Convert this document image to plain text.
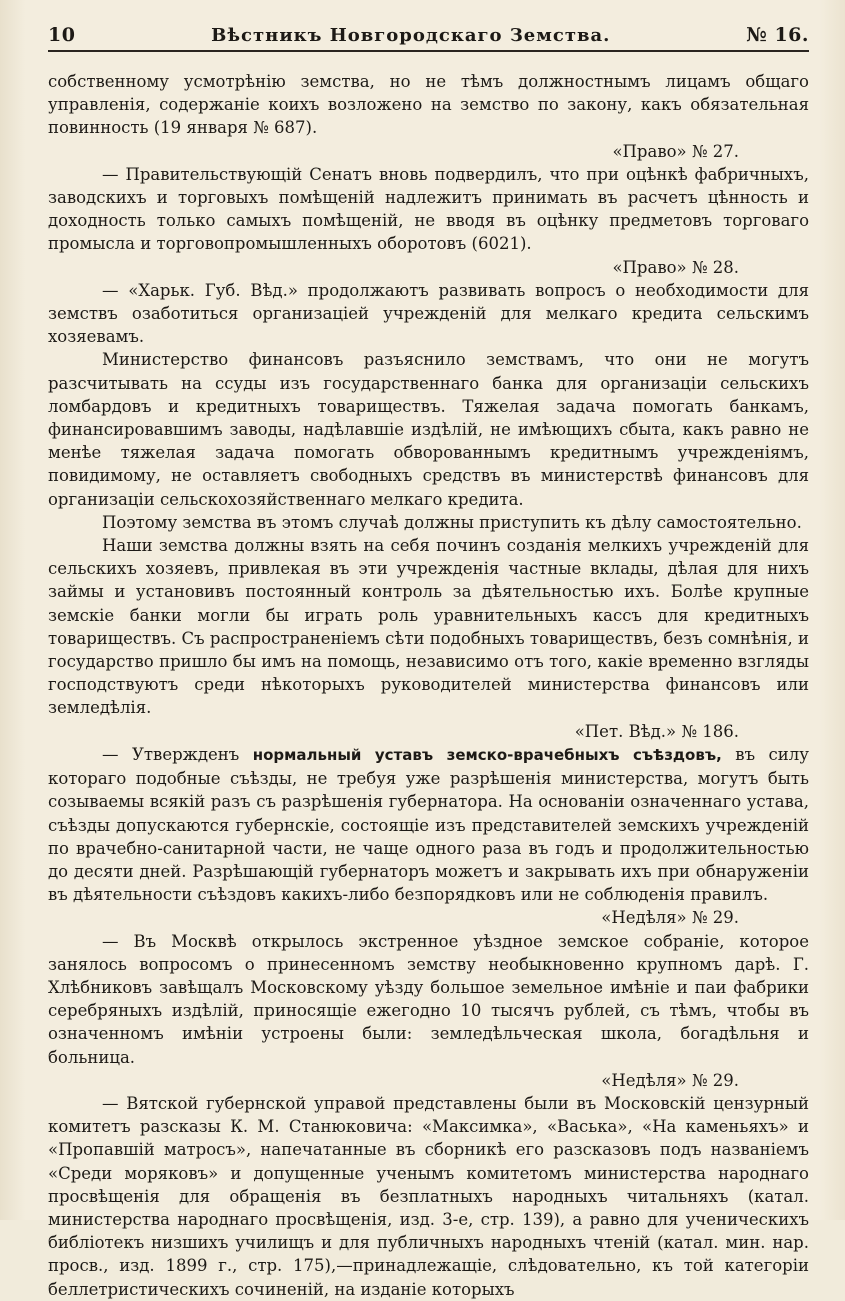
10	Вѣстникъ Новгородскаго Земства.	№ 16.

собственному усмотрѣнію земства, но не тѣмъ должностнымъ лицамъ общаго управленія, содержаніе коихъ возложено на земство по закону, какъ обязательная повинность (19 января № 687).

«Право» № 27.

— Правительствующій Сенатъ вновь подвердилъ, что при оцѣнкѣ фабричныхъ, заводскихъ и торговыхъ помѣщеній надлежитъ принимать въ расчетъ цѣнность и доходность только самыхъ помѣщеній, не вводя въ оцѣнку предметовъ торговаго промысла и торговопромышленныхъ оборотовъ (6021).

«Право» № 28.

— «Харьк. Губ. Вѣд.» продолжаютъ развивать вопросъ о необходимости для земствъ озаботиться организаціей учрежденій для мелкаго кредита сельскимъ хозяевамъ.

Министерство финансовъ разъяснило земствамъ, что они не могутъ разсчитывать на ссуды изъ государственнаго банка для организаціи сельскихъ ломбардовъ и кредитныхъ товариществъ. Тяжелая задача помогать банкамъ, финансировавшимъ заводы, надѣлавшіе издѣлій, не имѣющихъ сбыта, какъ равно не менѣе тяжелая задача помогать обворованнымъ кредитнымъ учрежденіямъ, повидимому, не оставляетъ свободныхъ средствъ въ министерствѣ финансовъ для организаціи сельскохозяйственнаго мелкаго кредита.

Поэтому земства въ этомъ случаѣ должны приступить къ дѣлу самостоятельно.

Наши земства должны взять на себя починъ созданія мелкихъ учрежденій для сельскихъ хозяевъ, привлекая въ эти учрежденія частные вклады, дѣлая для нихъ займы и установивъ постоянный контроль за дѣятельностью ихъ. Болѣе крупные земскіе банки могли бы играть роль уравнительныхъ кассъ для кредитныхъ товариществъ. Съ распространеніемъ сѣти подобныхъ товариществъ, безъ сомнѣнія, и государство пришло бы имъ на помощь, независимо отъ того, какіе временно взгляды господствуютъ среди нѣкоторыхъ руководителей министерства финансовъ или земледѣлія.

«Пет. Вѣд.» № 186.

— Утвержденъ нормальный уставъ земско-врачебныхъ съѣздовъ, въ силу котораго подобные съѣзды, не требуя уже разрѣшенія министерства, могутъ быть созываемы всякій разъ съ разрѣшенія губернатора. На основаніи означеннаго устава, съѣзды допускаются губернскіе, состоящіе изъ представителей земскихъ учрежденій по врачебно-санитарной части, не чаще одного раза въ годъ и продолжительностью до десяти дней. Разрѣшающій губернаторъ можетъ и закрывать ихъ при обнаруженіи въ дѣятельности съѣздовъ какихъ-либо безпорядковъ или не соблюденія правилъ.

«Недѣля» № 29.

— Въ Москвѣ открылось экстренное уѣздное земское собраніе, которое занялось вопросомъ о принесенномъ земству необыкновенно крупномъ дарѣ. Г. Хлѣбниковъ завѣщалъ Московскому уѣзду большое земельное имѣніе и паи фабрики серебряныхъ издѣлій, приносящіе ежегодно 10 тысячъ рублей, съ тѣмъ, чтобы въ означенномъ имѣніи устроены были: земледѣльческая школа, богадѣльня и больница.

«Недѣля» № 29.

— Вятской губернской управой представлены были въ Московскій цензурный комитетъ разсказы К. М. Станюковича: «Максимка», «Васька», «На каменьяхъ» и «Пропавшій матросъ», напечатанные въ сборникѣ его разсказовъ подъ названіемъ «Среди моряковъ» и допущенные ученымъ комитетомъ министерства народнаго просвѣщенія для обращенія въ безплатныхъ народныхъ читальняхъ (катал. министерства народнаго просвѣщенія, изд. 3-е, стр. 139), а равно для ученическихъ библіотекъ низшихъ училищъ и для публичныхъ народныхъ чтеній (катал. мин. нар. просв., изд. 1899 г., стр. 175),—принадлежащіе, слѣдовательно, къ той категоріи беллетристическихъ сочиненій, на изданіе которыхъ
